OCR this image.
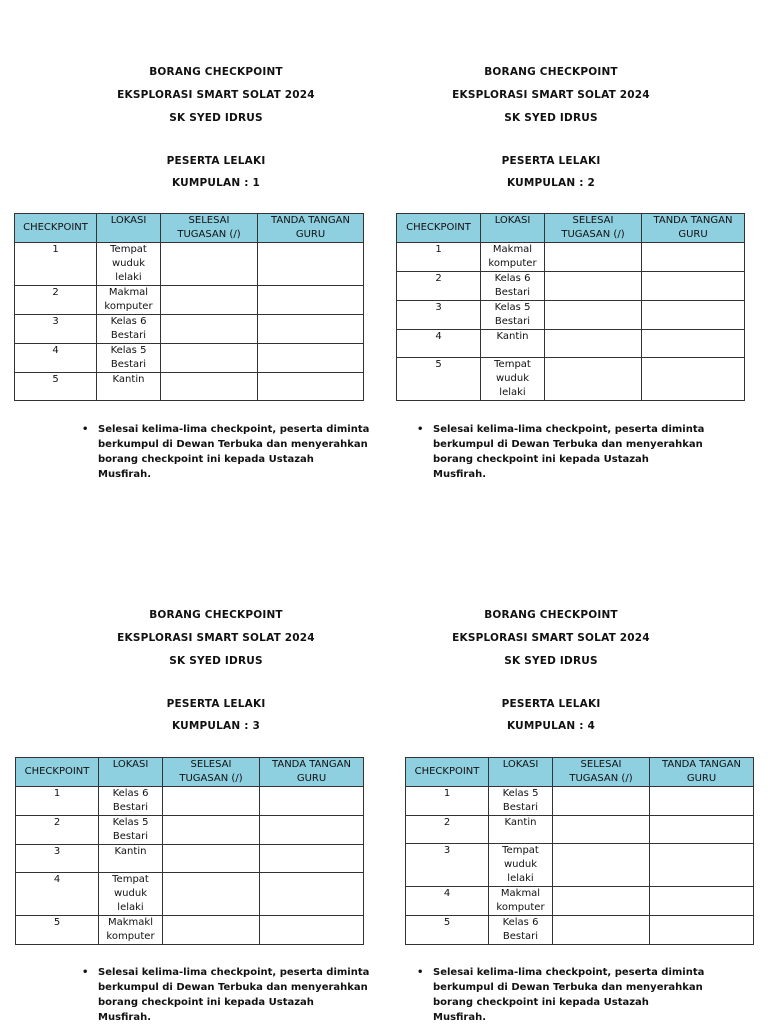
BORANG CHECKPOINT
EKSPLORASI SMART SOLAT 2024
SK SYED IDRUS
PESERTA LELAKI
KUMPULAN : 1
CHECKPOINT	LOKASI	SELESAI TUGASAN (/)	TANDA TANGAN GURU
1	Tempat wuduk lelaki		
2	Makmal komputer		
3	Kelas 6 Bestari		
4	Kelas 5 Bestari		
5	Kantin		
• Selesai kelima-lima checkpoint, peserta diminta berkumpul di Dewan Terbuka dan menyerahkan borang checkpoint ini kepada Ustazah Musfirah.
BORANG CHECKPOINT
EKSPLORASI SMART SOLAT 2024
SK SYED IDRUS
PESERTA LELAKI
KUMPULAN : 2
CHECKPOINT	LOKASI	SELESAI TUGASAN (/)	TANDA TANGAN GURU
1	Makmal komputer		
2	Kelas 6 Bestari		
3	Kelas 5 Bestari		
4	Kantin		
5	Tempat wuduk lelaki		
• Selesai kelima-lima checkpoint, peserta diminta berkumpul di Dewan Terbuka dan menyerahkan borang checkpoint ini kepada Ustazah Musfirah.
BORANG CHECKPOINT
EKSPLORASI SMART SOLAT 2024
SK SYED IDRUS
PESERTA LELAKI
KUMPULAN : 3
CHECKPOINT	LOKASI	SELESAI TUGASAN (/)	TANDA TANGAN GURU
1	Kelas 6 Bestari		
2	Kelas 5 Bestari		
3	Kantin		
4	Tempat wuduk lelaki		
5	Makmakl komputer		
• Selesai kelima-lima checkpoint, peserta diminta berkumpul di Dewan Terbuka dan menyerahkan borang checkpoint ini kepada Ustazah Musfirah.
BORANG CHECKPOINT
EKSPLORASI SMART SOLAT 2024
SK SYED IDRUS
PESERTA LELAKI
KUMPULAN : 4
CHECKPOINT	LOKASI	SELESAI TUGASAN (/)	TANDA TANGAN GURU
1	Kelas 5 Bestari		
2	Kantin		
3	Tempat wuduk lelaki		
4	Makmal komputer		
5	Kelas 6 Bestari		
• Selesai kelima-lima checkpoint, peserta diminta berkumpul di Dewan Terbuka dan menyerahkan borang checkpoint ini kepada Ustazah Musfirah.
